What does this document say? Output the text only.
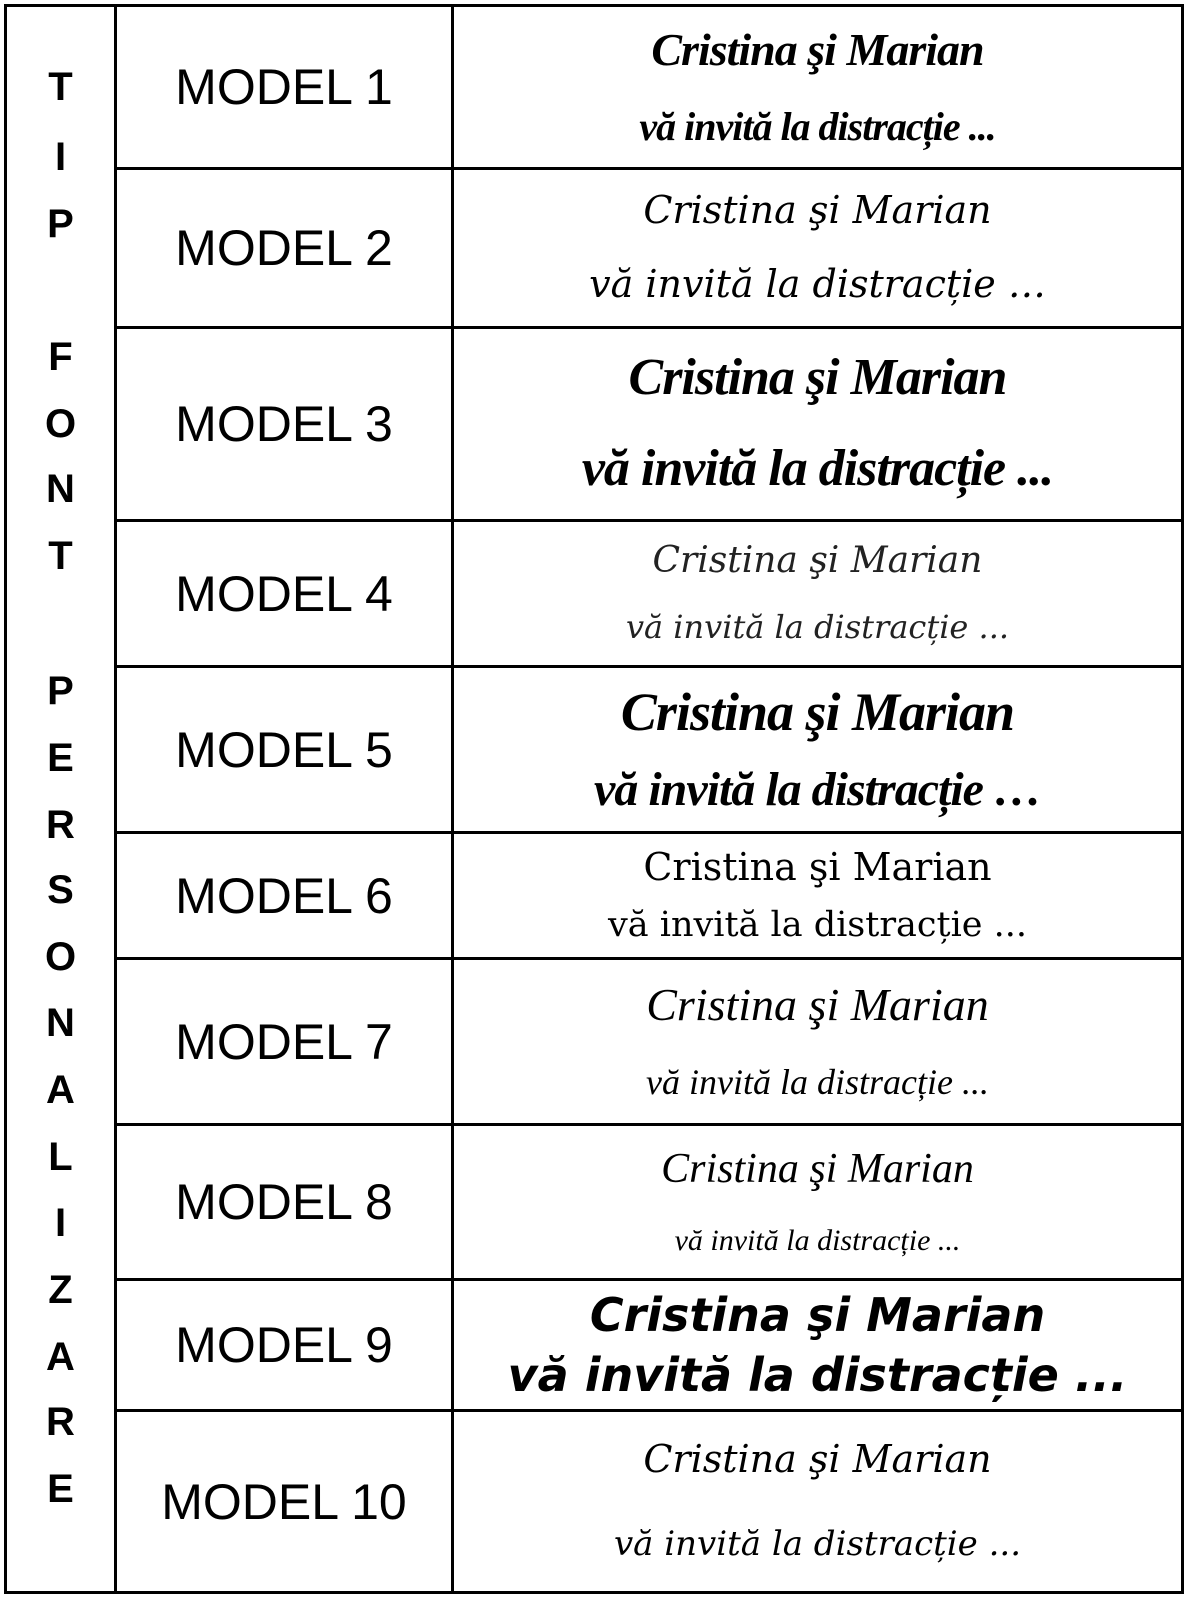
T
I
P
F
O
N
T
P
E
R
S
O
N
A
L
I
Z
A
R
E
MODEL 1
Cristina şi Marian
vă invită la distracție ...
MODEL 2
Cristina şi Marian
vă invită la distracție …
MODEL 3
Cristina şi Marian
vă invită la distracție ...
MODEL 4
Cristina şi Marian
vă invită la distracție ...
MODEL 5
Cristina şi Marian
vă invită la distracție …
MODEL 6
Cristina şi Marian
vă invită la distracție ...
MODEL 7
Cristina şi Marian
vă invită la distracție ...
MODEL 8
Cristina şi Marian
vă invită la distracție ...
MODEL 9
Cristina şi Marian
vă invită la distracție ...
MODEL 10
Cristina şi Marian
vă invită la distracție ...
